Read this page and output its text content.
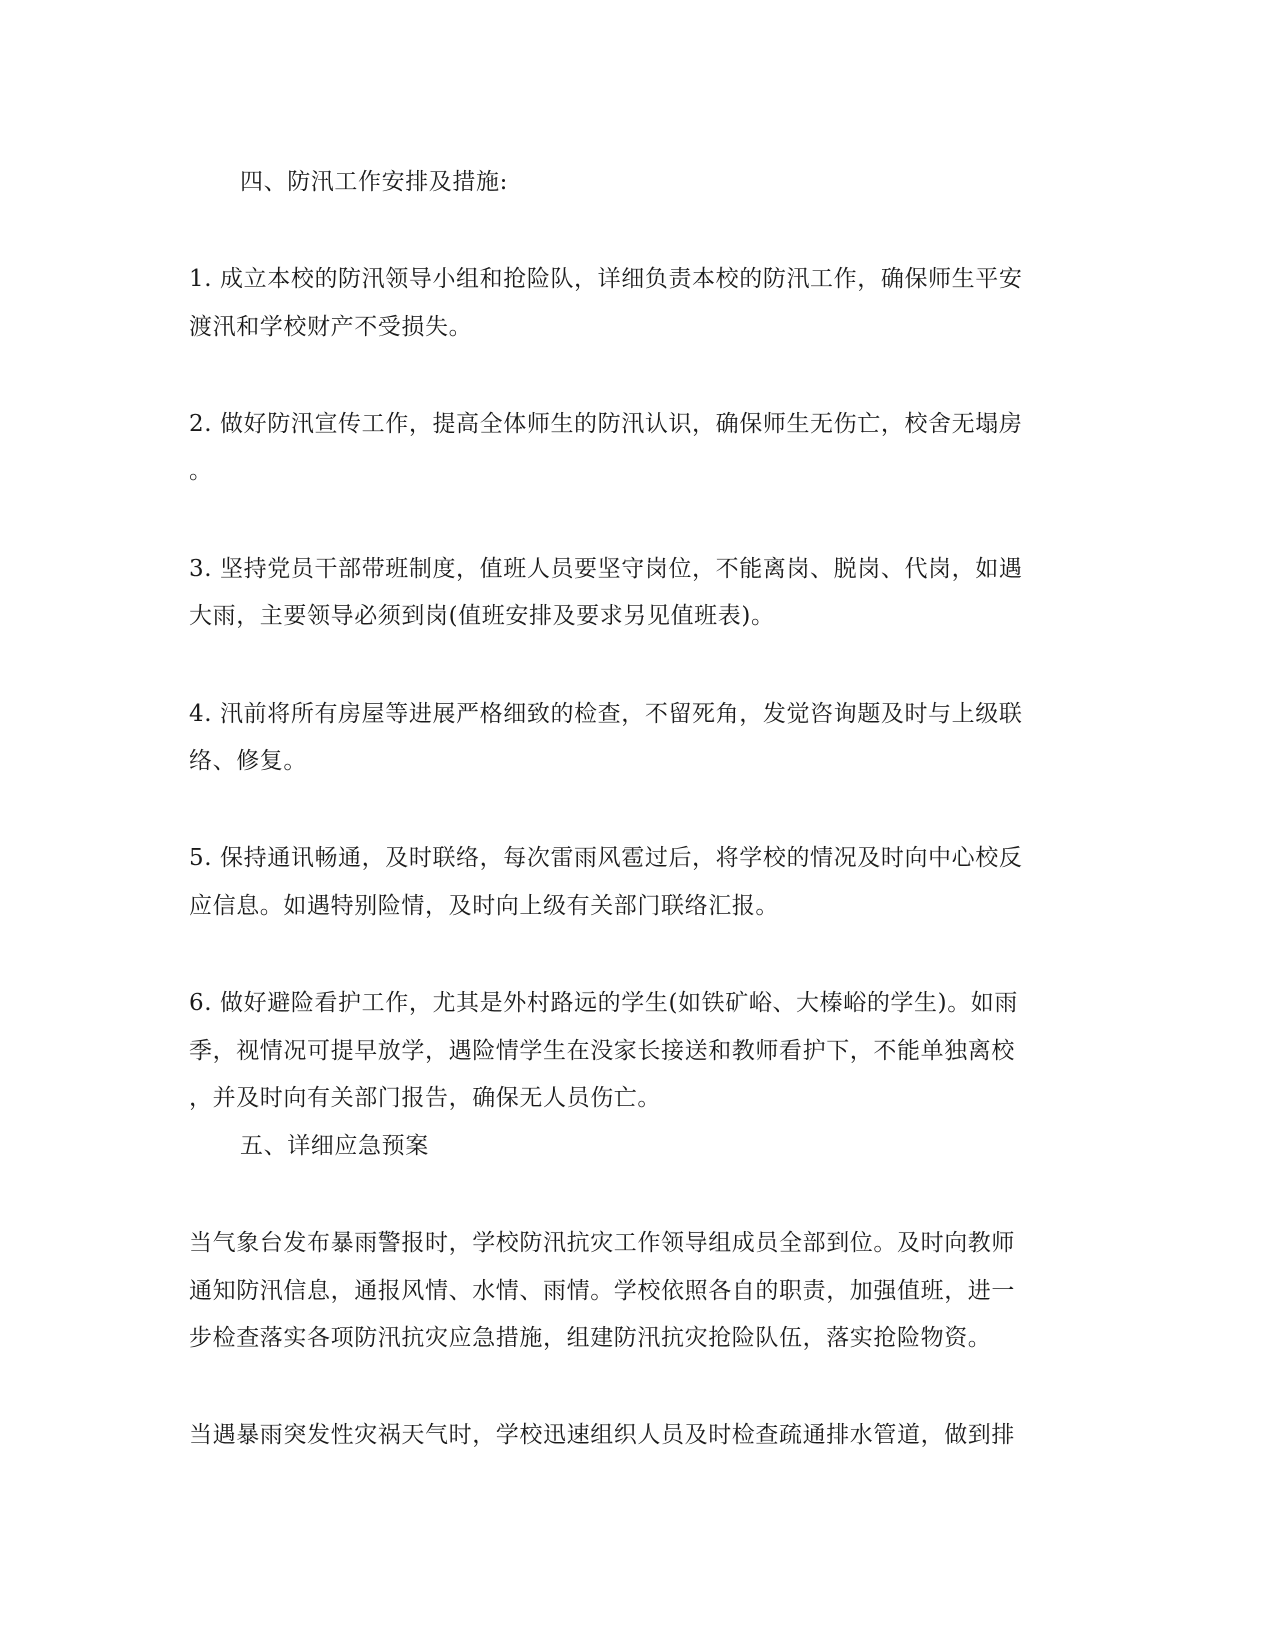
四、防汛工作安排及措施:
1. 成立本校的防汛领导小组和抢险队，详细负责本校的防汛工作，确保师生平安
渡汛和学校财产不受损失。
2. 做好防汛宣传工作，提高全体师生的防汛认识，确保师生无伤亡，校舍无塌房
。
3. 坚持党员干部带班制度，值班人员要坚守岗位，不能离岗、脱岗、代岗，如遇
大雨，主要领导必须到岗(值班安排及要求另见值班表)。
4. 汛前将所有房屋等进展严格细致的检查，不留死角，发觉咨询题及时与上级联
络、修复。
5. 保持通讯畅通，及时联络，每次雷雨风雹过后，将学校的情况及时向中心校反
应信息。如遇特别险情，及时向上级有关部门联络汇报。
6. 做好避险看护工作，尤其是外村路远的学生(如铁矿峪、大榛峪的学生)。如雨
季，视情况可提早放学，遇险情学生在没家长接送和教师看护下，不能单独离校
，并及时向有关部门报告，确保无人员伤亡。
五、详细应急预案
当气象台发布暴雨警报时，学校防汛抗灾工作领导组成员全部到位。及时向教师
通知防汛信息，通报风情、水情、雨情。学校依照各自的职责，加强值班，进一
步检查落实各项防汛抗灾应急措施，组建防汛抗灾抢险队伍，落实抢险物资。
当遇暴雨突发性灾祸天气时，学校迅速组织人员及时检查疏通排水管道，做到排
